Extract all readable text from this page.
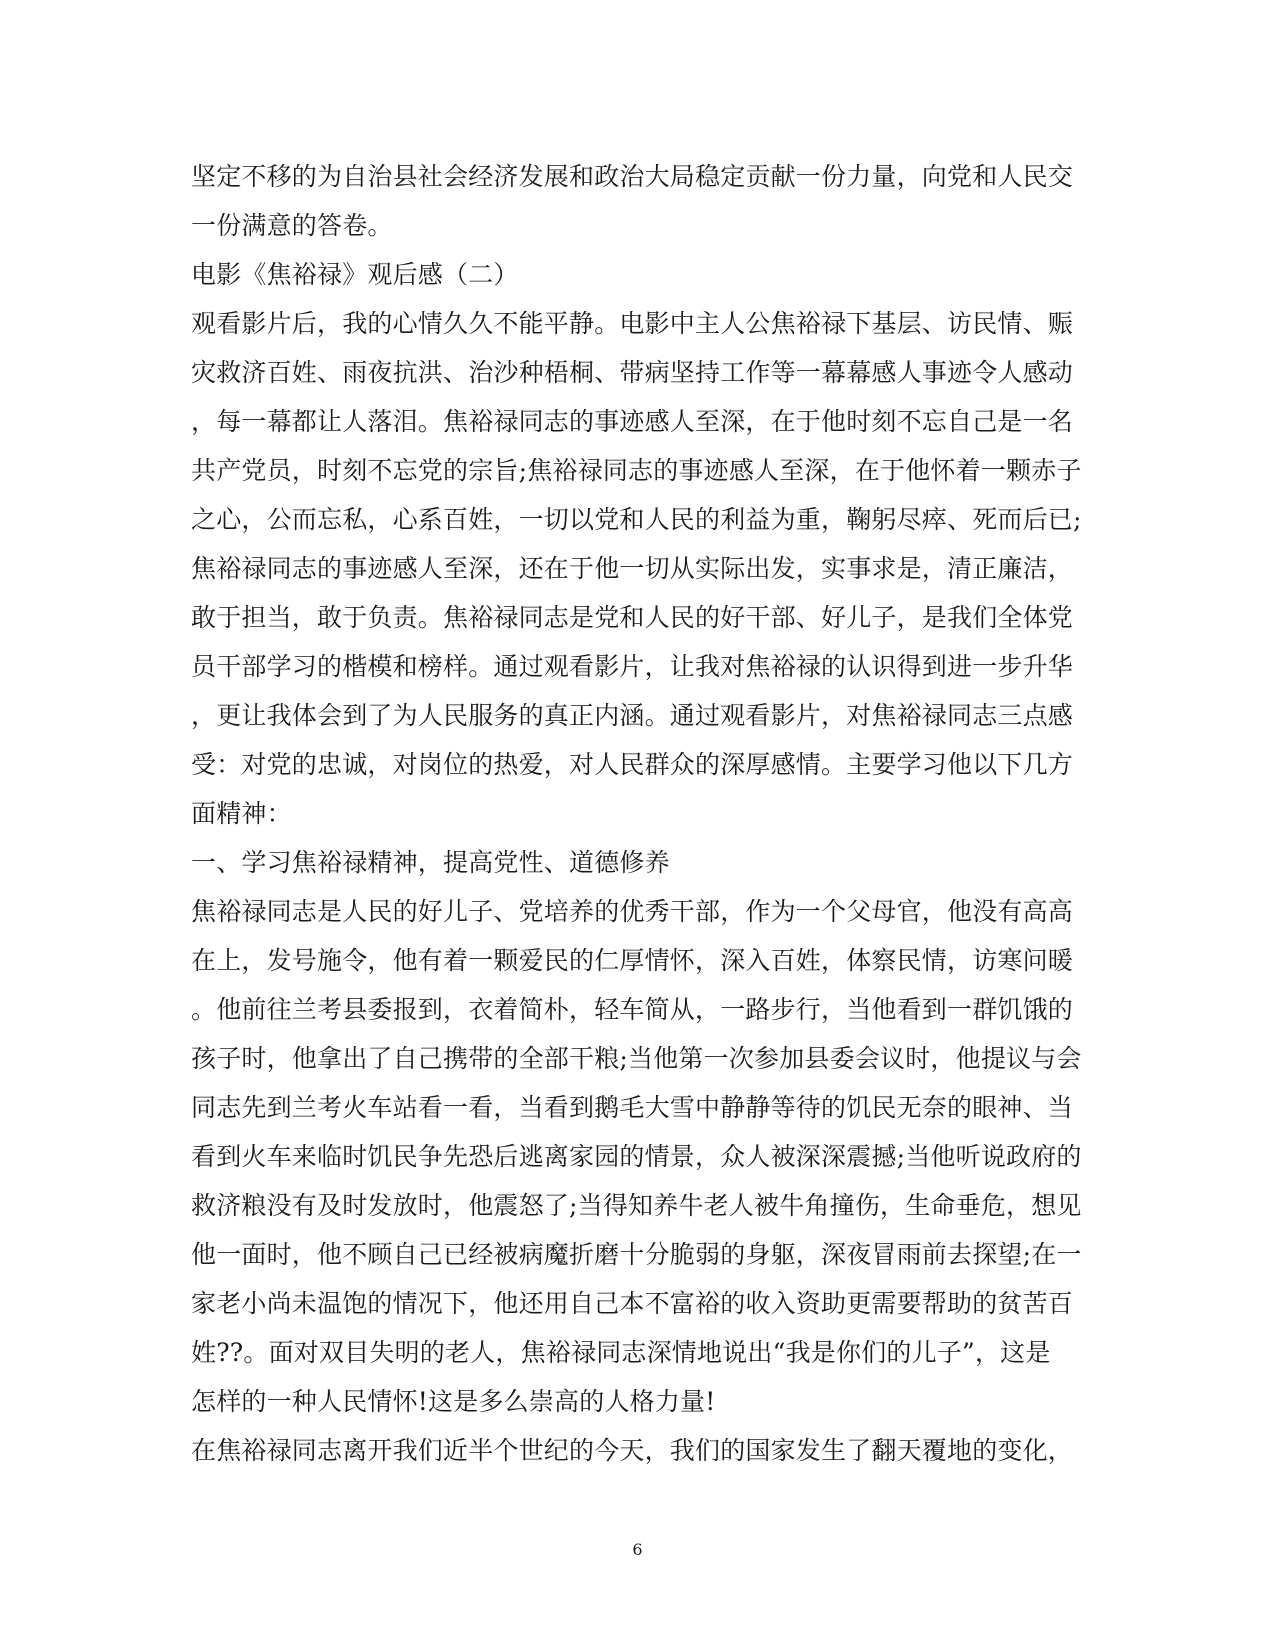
坚定不移的为自治县社会经济发展和政治大局稳定贡献一份力量，向党和人民交
一份满意的答卷。
电影《焦裕禄》观后感（二）
观看影片后，我的心情久久不能平静。电影中主人公焦裕禄下基层、访民情、赈
灾救济百姓、雨夜抗洪、治沙种梧桐、带病坚持工作等一幕幕感人事迹令人感动
，每一幕都让人落泪。焦裕禄同志的事迹感人至深，在于他时刻不忘自己是一名
共产党员，时刻不忘党的宗旨;焦裕禄同志的事迹感人至深，在于他怀着一颗赤子
之心，公而忘私，心系百姓，一切以党和人民的利益为重，鞠躬尽瘁、死而后已;
焦裕禄同志的事迹感人至深，还在于他一切从实际出发，实事求是，清正廉洁，
敢于担当，敢于负责。焦裕禄同志是党和人民的好干部、好儿子，是我们全体党
员干部学习的楷模和榜样。通过观看影片，让我对焦裕禄的认识得到进一步升华
，更让我体会到了为人民服务的真正内涵。通过观看影片，对焦裕禄同志三点感
受：对党的忠诚，对岗位的热爱，对人民群众的深厚感情。主要学习他以下几方
面精神：
一、学习焦裕禄精神，提高党性、道德修养
焦裕禄同志是人民的好儿子、党培养的优秀干部，作为一个父母官，他没有高高
在上，发号施令，他有着一颗爱民的仁厚情怀，深入百姓，体察民情，访寒问暖
。他前往兰考县委报到，衣着简朴，轻车简从，一路步行，当他看到一群饥饿的
孩子时，他拿出了自己携带的全部干粮;当他第一次参加县委会议时，他提议与会
同志先到兰考火车站看一看，当看到鹅毛大雪中静静等待的饥民无奈的眼神、当
看到火车来临时饥民争先恐后逃离家园的情景，众人被深深震撼;当他听说政府的
救济粮没有及时发放时，他震怒了;当得知养牛老人被牛角撞伤，生命垂危，想见
他一面时，他不顾自己已经被病魔折磨十分脆弱的身躯，深夜冒雨前去探望;在一
家老小尚未温饱的情况下，他还用自己本不富裕的收入资助更需要帮助的贫苦百
姓??。面对双目失明的老人，焦裕禄同志深情地说出“我是你们的儿子”，这是
怎样的一种人民情怀!这是多么崇高的人格力量!
在焦裕禄同志离开我们近半个世纪的今天，我们的国家发生了翻天覆地的变化，
6
